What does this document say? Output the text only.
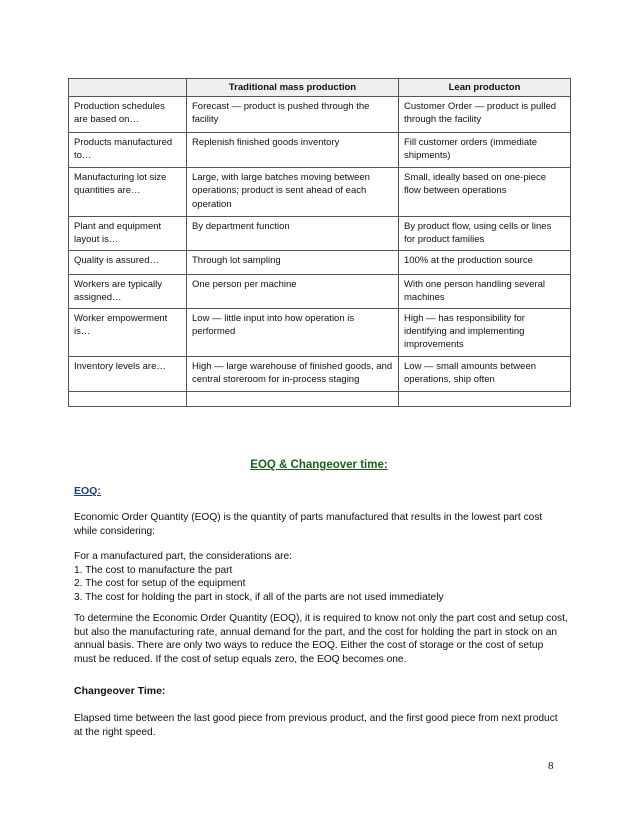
	Traditional mass production	Lean producton
Production schedules are based on…	Forecast — product is pushed through the facility	Customer Order — product is pulled through the facility
Products manufactured to…	Replenish finished goods inventory	Fill customer orders (immediate shipments)
Manufacturing lot size quantities are…	Large, with large batches moving between operations; product is sent ahead of each operation	Small, ideally based on one-piece flow between operations
Plant and equipment layout is…	By department function	By product flow, using cells or lines for product families
Quality is assured…	Through lot sampling	100% at the production source
Workers are typically assigned…	One person per machine	With one person handling several machines
Worker empowerment is…	Low — little input into how operation is performed	High — has responsibility for identifying and implementing improvements
Inventory levels are…	High — large warehouse of finished goods, and central storeroom for in-process staging	Low — small amounts between operations, ship often

EOQ & Changeover time:

EOQ:

Economic Order Quantity (EOQ) is the quantity of parts manufactured that results in the lowest part cost while considering:

For a manufactured part, the considerations are:
1. The cost to manufacture the part
2. The cost for setup of the equipment
3. The cost for holding the part in stock, if all of the parts are not used immediately

To determine the Economic Order Quantity (EOQ), it is required to know not only the part cost and setup cost, but also the manufacturing rate, annual demand for the part, and the cost for holding the part in stock on an annual basis. There are only two ways to reduce the EOQ. Either the cost of storage or the cost of setup must be reduced. If the cost of setup equals zero, the EOQ becomes one.

Changeover Time:

Elapsed time between the last good piece from previous product, and the first good piece from next product at the right speed.

8
